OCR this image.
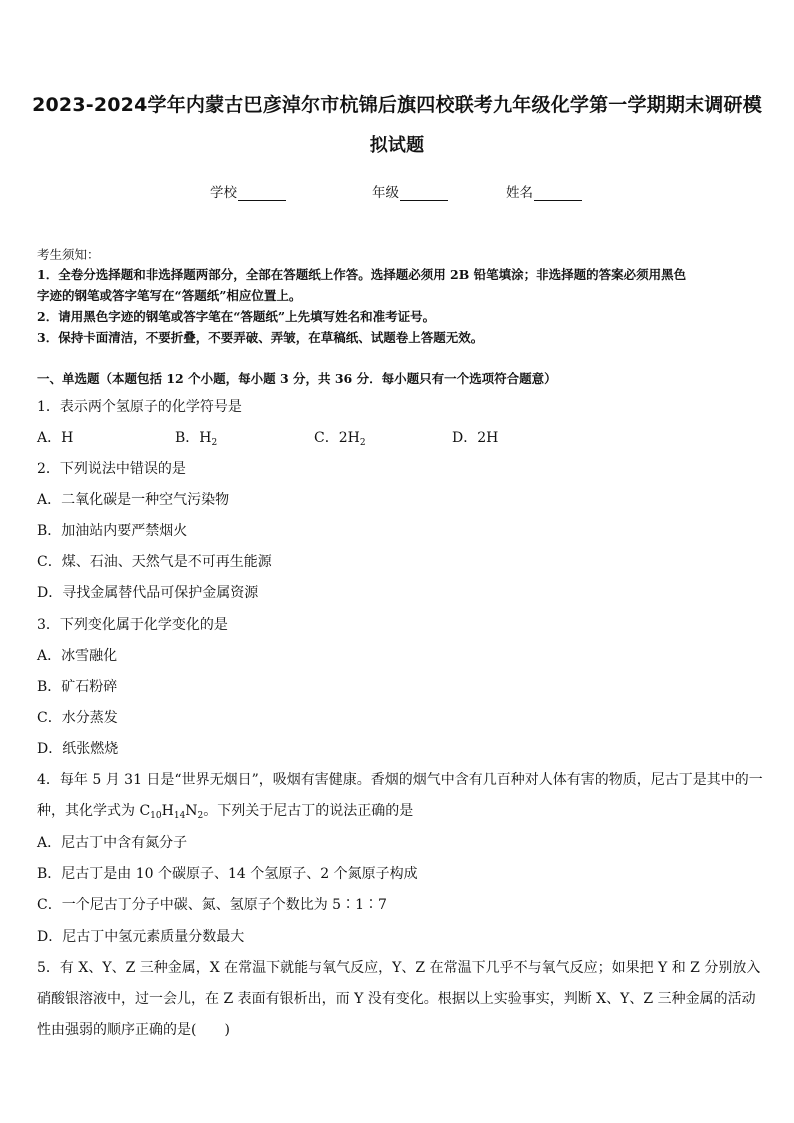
2023-2024学年内蒙古巴彦淖尔市杭锦后旗四校联考九年级化学第一学期期末调研模
拟试题
学校	年级	姓名
考生须知：
1．全卷分选择题和非选择题两部分，全部在答题纸上作答。选择题必须用 2B 铅笔填涂；非选择题的答案必须用黑色
字迹的钢笔或答字笔写在“答题纸”相应位置上。
2．请用黑色字迹的钢笔或答字笔在“答题纸”上先填写姓名和准考证号。
3．保持卡面清洁，不要折叠，不要弄破、弄皱，在草稿纸、试题卷上答题无效。
一、单选题（本题包括 12 个小题，每小题 3 分，共 36 分．每小题只有一个选项符合题意）
1．表示两个氢原子的化学符号是
A．H	B．$H_2$	C．$2H_2$	D．2H
2．下列说法中错误的是
A．二氧化碳是一种空气污染物
B．加油站内要严禁烟火
C．煤、石油、天然气是不可再生能源
D．寻找金属替代品可保护金属资源
3．下列变化属于化学变化的是
A．冰雪融化
B．矿石粉碎
C．水分蒸发
D．纸张燃烧
4．每年 5 月 31 日是“世界无烟日”，吸烟有害健康。香烟的烟气中含有几百种对人体有害的物质，尼古丁是其中的一
种，其化学式为 $C_{10}H_{14}N_2$。下列关于尼古丁的说法正确的是
A．尼古丁中含有氮分子
B．尼古丁是由 10 个碳原子、14 个氢原子、2 个氮原子构成
C．一个尼古丁分子中碳、氮、氢原子个数比为 5∶1∶7
D．尼古丁中氢元素质量分数最大
5．有 X、Y、Z 三种金属，X 在常温下就能与氧气反应，Y、Z 在常温下几乎不与氧气反应；如果把 Y 和 Z 分别放入
硝酸银溶液中，过一会儿，在 Z 表面有银析出，而 Y 没有变化。根据以上实验事实，判断 X、Y、Z 三种金属的活动
性由强弱的顺序正确的是(　　)
